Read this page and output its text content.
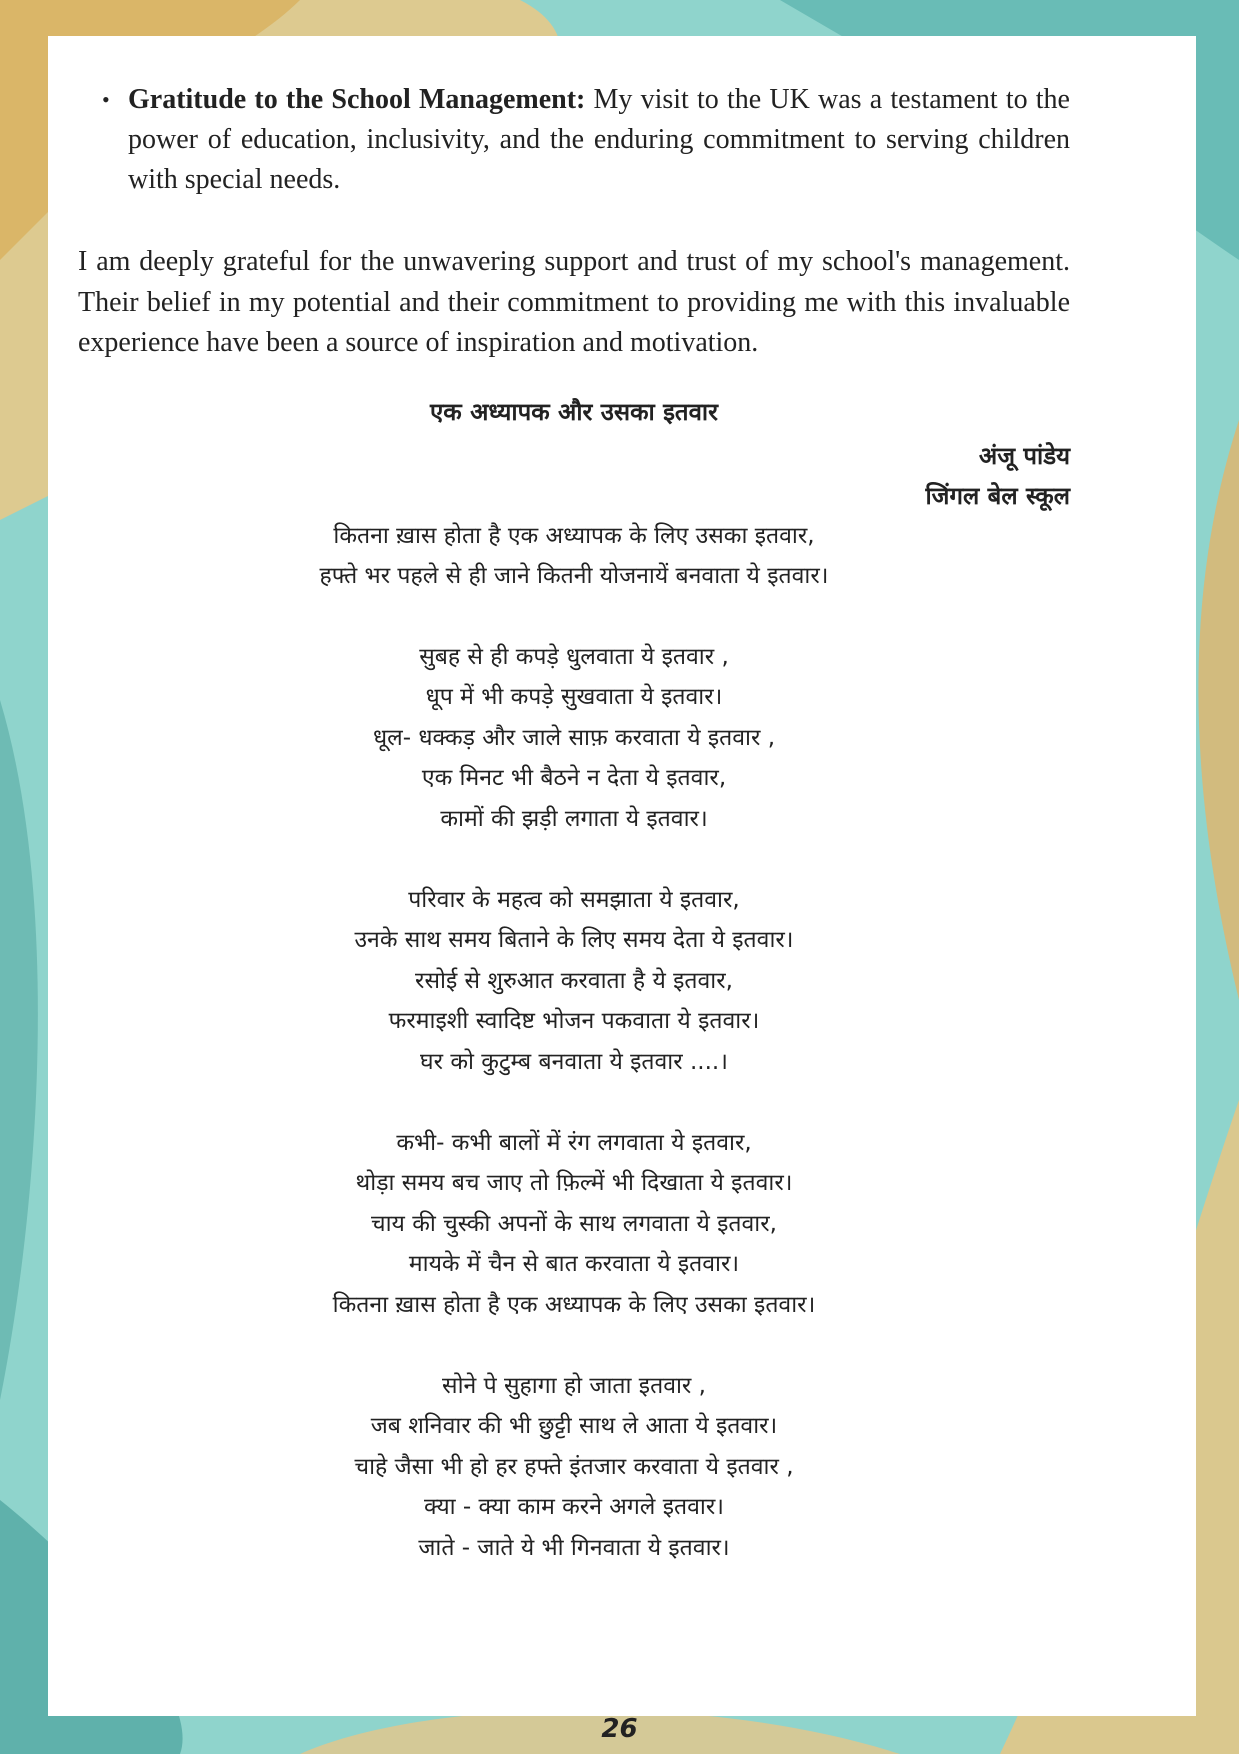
• Gratitude to the School Management: My visit to the UK was a testament to the power of education, inclusivity, and the enduring commitment to serving children with special needs.

I am deeply grateful for the unwavering support and trust of my school's management. Their belief in my potential and their commitment to providing me with this invaluable experience have been a source of inspiration and motivation.

एक अध्यापक और उसका इतवार
अंजू पांडेय
जिंगल बेल स्कूल
कितना ख़ास होता है एक अध्यापक के लिए उसका इतवार,
हफ्ते भर पहले से ही जाने कितनी योजनायें बनवाता ये इतवार।
सुबह से ही कपड़े धुलवाता ये इतवार ,
धूप में भी कपड़े सुखवाता ये इतवार।
धूल- धक्कड़ और जाले साफ़ करवाता ये इतवार ,
एक मिनट भी बैठने न देता ये इतवार,
कामों की झड़ी लगाता ये इतवार।
परिवार के महत्व को समझाता ये इतवार,
उनके साथ समय बिताने के लिए समय देता ये इतवार।
रसोई से शुरुआत करवाता है ये इतवार,
फरमाइशी स्वादिष्ट भोजन पकवाता ये इतवार।
घर को कुटुम्ब बनवाता ये इतवार ....।
कभी- कभी बालों में रंग लगवाता ये इतवार,
थोड़ा समय बच जाए तो फ़िल्में भी दिखाता ये इतवार।
चाय की चुस्की अपनों के साथ लगवाता ये इतवार,
मायके में चैन से बात करवाता ये इतवार।
कितना ख़ास होता है एक अध्यापक के लिए उसका इतवार।
सोने पे सुहागा हो जाता इतवार ,
जब शनिवार की भी छुट्टी साथ ले आता ये इतवार।
चाहे जैसा भी हो हर हफ्ते इंतजार करवाता ये इतवार ,
क्या - क्या काम करने अगले इतवार।
जाते - जाते ये भी गिनवाता ये इतवार।
26
